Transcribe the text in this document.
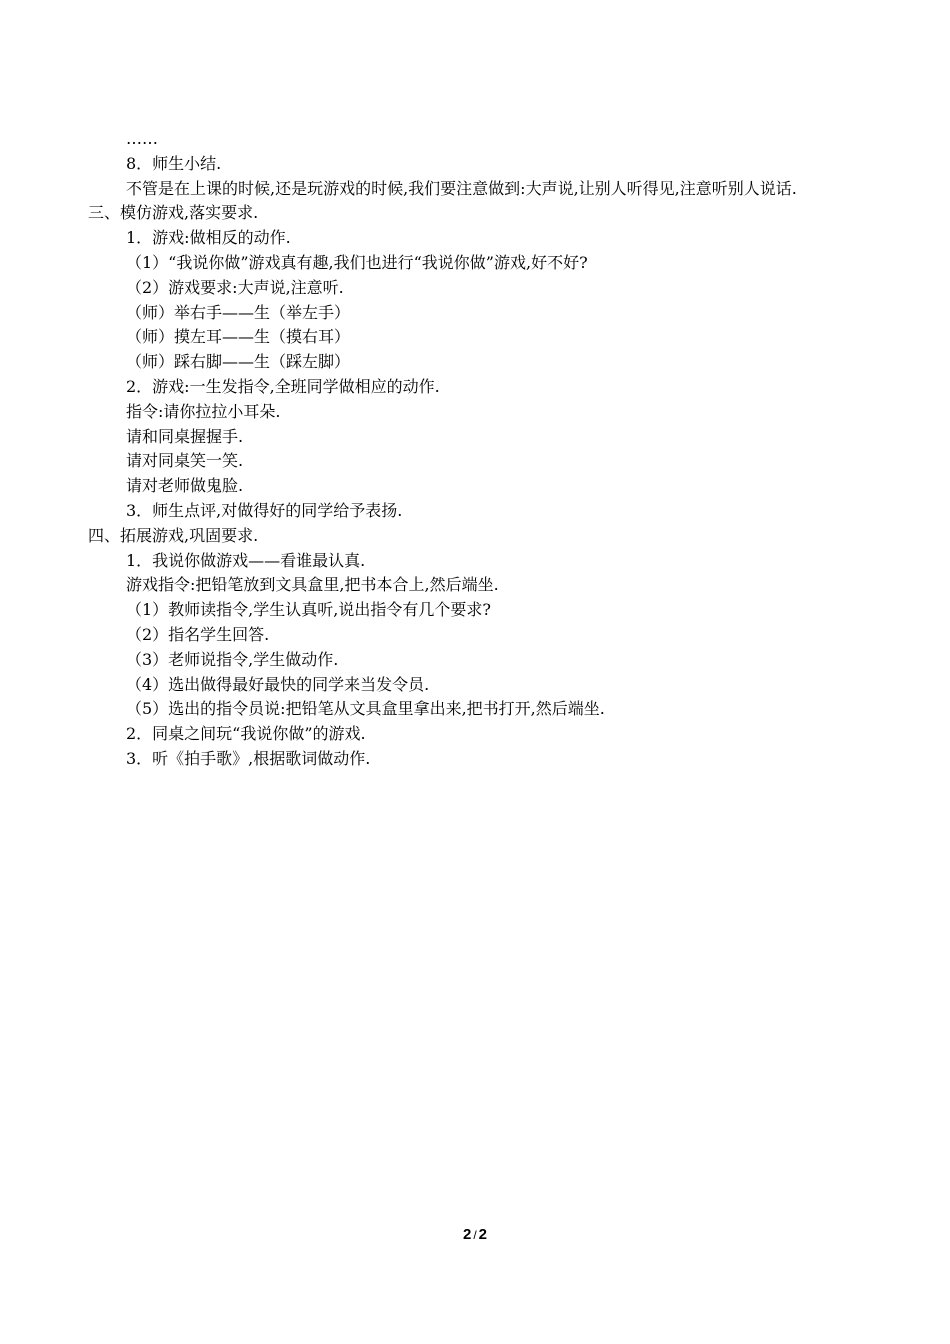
……
8．师生小结.
不管是在上课的时候,还是玩游戏的时候,我们要注意做到:大声说,让别人听得见,注意听别人说话.
三、模仿游戏,落实要求.
1．游戏:做相反的动作.
（1）“我说你做”游戏真有趣,我们也进行“我说你做”游戏,好不好?
（2）游戏要求:大声说,注意听.
（师）举右手——生（举左手）
（师）摸左耳——生（摸右耳）
（师）踩右脚——生（踩左脚）
2．游戏:一生发指令,全班同学做相应的动作.
指令:请你拉拉小耳朵.
请和同桌握握手.
请对同桌笑一笑.
请对老师做鬼脸.
3．师生点评,对做得好的同学给予表扬.
四、拓展游戏,巩固要求.
1．我说你做游戏——看谁最认真.
游戏指令:把铅笔放到文具盒里,把书本合上,然后端坐.
（1）教师读指令,学生认真听,说出指令有几个要求?
（2）指名学生回答.
（3）老师说指令,学生做动作.
（4）选出做得最好最快的同学来当发令员.
（5）选出的指令员说:把铅笔从文具盒里拿出来,把书打开,然后端坐.
2．同桌之间玩“我说你做”的游戏.
3．听《拍手歌》,根据歌词做动作.
2 / 2
